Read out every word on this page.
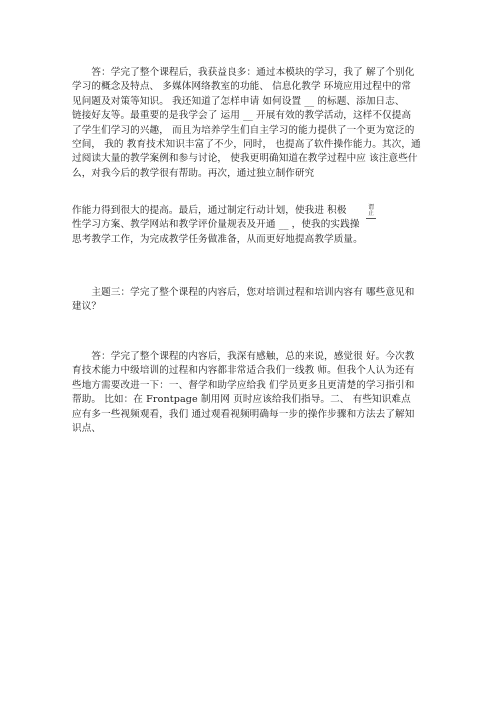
　　答：学完了整个课程后，我获益良多：通过本模块的学习，我了 解了个别化
学习的概念及特点、 多媒体网络教室的功能、 信息化教学 环境应用过程中的常
见问题及对策等知识。 我还知道了怎样申请 如何设置 __ 的标题、添加日志、
链接好友等。最重要的是我学会了 运用 __ 开展有效的教学活动，这样不仅提高
了学生们学习的兴趣， 而且为培养学生们自主学习的能力提供了一个更为宽泛的
空间， 我的 教育技术知识丰富了不少，同时， 也提高了软件操作能力。其次，通
过阅读大量的教学案例和参与讨论， 使我更明确知道在教学过程中应 该注意些什
么，对我今后的教学很有帮助。再次，通过独立制作研究
作能力得到很大的提高。最后，通过制定行动计划，使我进 积极
性学习方案、教学网站和教学评价量规表及开通 __ ，使我的实践操
思考教学工作，为完成教学任务做准备，从而更好地提高教学质量。
谓
止
　　主题三：学完了整个课程的内容后，您对培训过程和培训内容有 哪些意见和
建议？
　　答：学完了整个课程的内容后，我深有感触，总的来说，感觉很 好。今次教
育技术能力中级培训的过程和内容都非常适合我们一线教 师。但我个人认为还有
些地方需要改进一下：一、督学和助学应给我 们学员更多且更清楚的学习指引和
帮助。 比如：在 Frontpage 制用网 页时应该给我们指导。二、 有些知识难点
应有多一些视频观看，我们 通过观看视频明确每一步的操作步骤和方法去了解知
识点、
